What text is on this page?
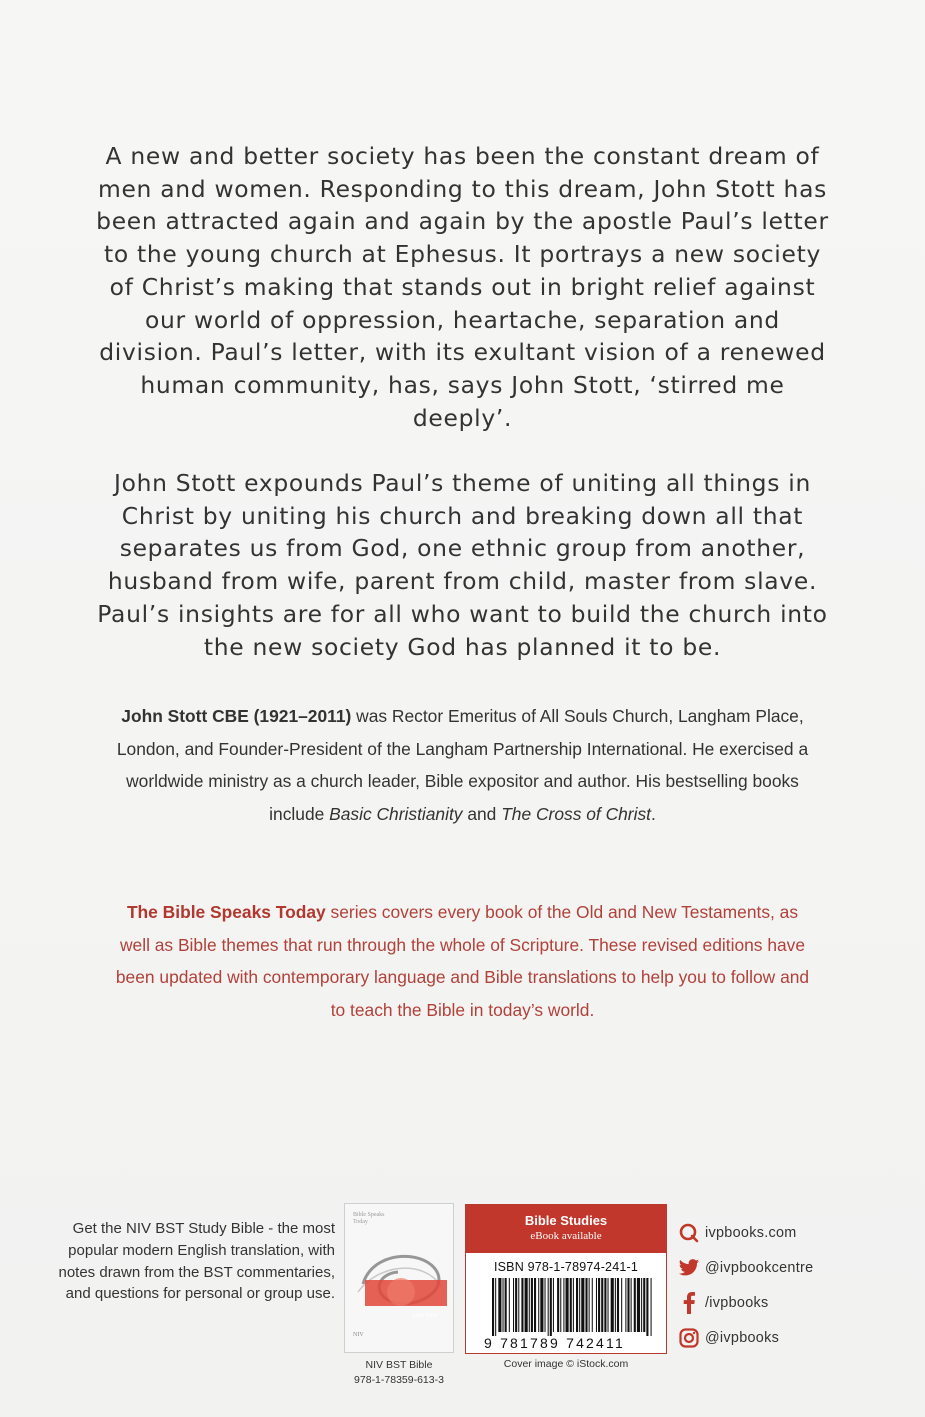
A new and better society has been the constant dream of men and women. Responding to this dream, John Stott has been attracted again and again by the apostle Paul’s letter to the young church at Ephesus. It portrays a new society of Christ’s making that stands out in bright relief against our world of oppression, heartache, separation and division. Paul’s letter, with its exultant vision of a renewed human community, has, says John Stott, ‘stirred me deeply’.

John Stott expounds Paul’s theme of uniting all things in Christ by uniting his church and breaking down all that separates us from God, one ethnic group from another, husband from wife, parent from child, master from slave. Paul’s insights are for all who want to build the church into the new society God has planned it to be.

John Stott CBE (1921–2011) was Rector Emeritus of All Souls Church, Langham Place, London, and Founder-President of the Langham Partnership International. He exercised a worldwide ministry as a church leader, Bible expositor and author. His bestselling books include Basic Christianity and The Cross of Christ.

The Bible Speaks Today series covers every book of the Old and New Testaments, as well as Bible themes that run through the whole of Scripture. These revised editions have been updated with contemporary language and Bible translations to help you to follow and to teach the Bible in today’s world.

Get the NIV BST Study Bible - the most popular modern English translation, with notes drawn from the BST commentaries, and questions for personal or group use.

Bible Speaks Today
Holy Bible
NIV
NIV BST Bible
978-1-78359-613-3
Bible Studies
eBook available
ISBN 978-1-78974-241-1
9 781789 742411
Cover image © iStock.com
ivpbooks.com
@ivpbookcentre
/ivpbooks
@ivpbooks
